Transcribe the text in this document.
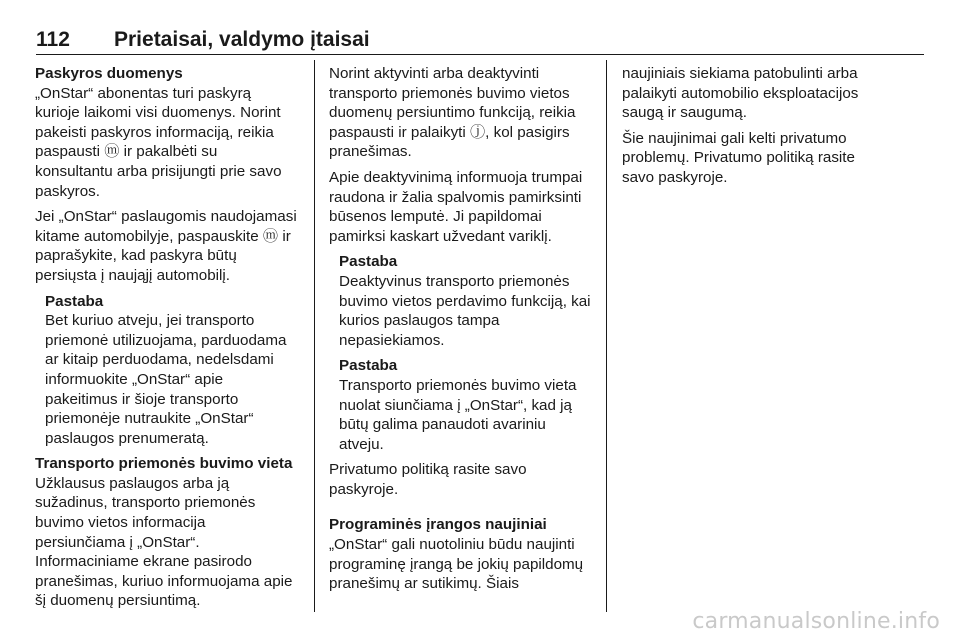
112 Prietaisai, valdymo įtaisai

Paskyros duomenys

„OnStar“ abonentas turi paskyrą kurioje laikomi visi duomenys. Norint pakeisti paskyros informaciją, reikia paspausti ⓜ ir pakalbėti su konsultantu arba prisijungti prie savo paskyros.

Jei „OnStar“ paslaugomis naudojamasi kitame automobilyje, paspauskite ⓜ ir paprašykite, kad paskyra būtų persiųsta į naująjį automobilį.

Pastaba
Bet kuriuo atveju, jei transporto priemonė utilizuojama, parduodama ar kitaip perduodama, nedelsdami informuokite „OnStar“ apie pakeitimus ir šioje transporto priemonėje nutraukite „OnStar“ paslaugos prenumeratą.

Transporto priemonės buvimo vieta

Užklausus paslaugos arba ją sužadinus, transporto priemonės buvimo vietos informacija persiunčiama į „OnStar“. Informaciniame ekrane pasirodo pranešimas, kuriuo informuojama apie šį duomenų persiuntimą.

Norint aktyvinti arba deaktyvinti transporto priemonės buvimo vietos duomenų persiuntimo funkciją, reikia paspausti ir palaikyti ⓙ, kol pasigirs pranešimas.

Apie deaktyvinimą informuoja trumpai raudona ir žalia spalvomis pamirksinti būsenos lemputė. Ji papildomai pamirksi kaskart užvedant variklį.

Pastaba
Deaktyvinus transporto priemonės buvimo vietos perdavimo funkciją, kai kurios paslaugos tampa nepasiekiamos.
Pastaba
Transporto priemonės buvimo vieta nuolat siunčiama į „OnStar“, kad ją būtų galima panaudoti avariniu atveju.

Privatumo politiką rasite savo paskyroje.

Programinės įrangos naujiniai

„OnStar“ gali nuotoliniu būdu naujinti programinę įrangą be jokių papildomų pranešimų ar sutikimų. Šiais

naujiniais siekiama patobulinti arba palaikyti automobilio eksploatacijos saugą ir saugumą.

Šie naujinimai gali kelti privatumo problemų. Privatumo politiką rasite savo paskyroje.

carmanualsonline.info
